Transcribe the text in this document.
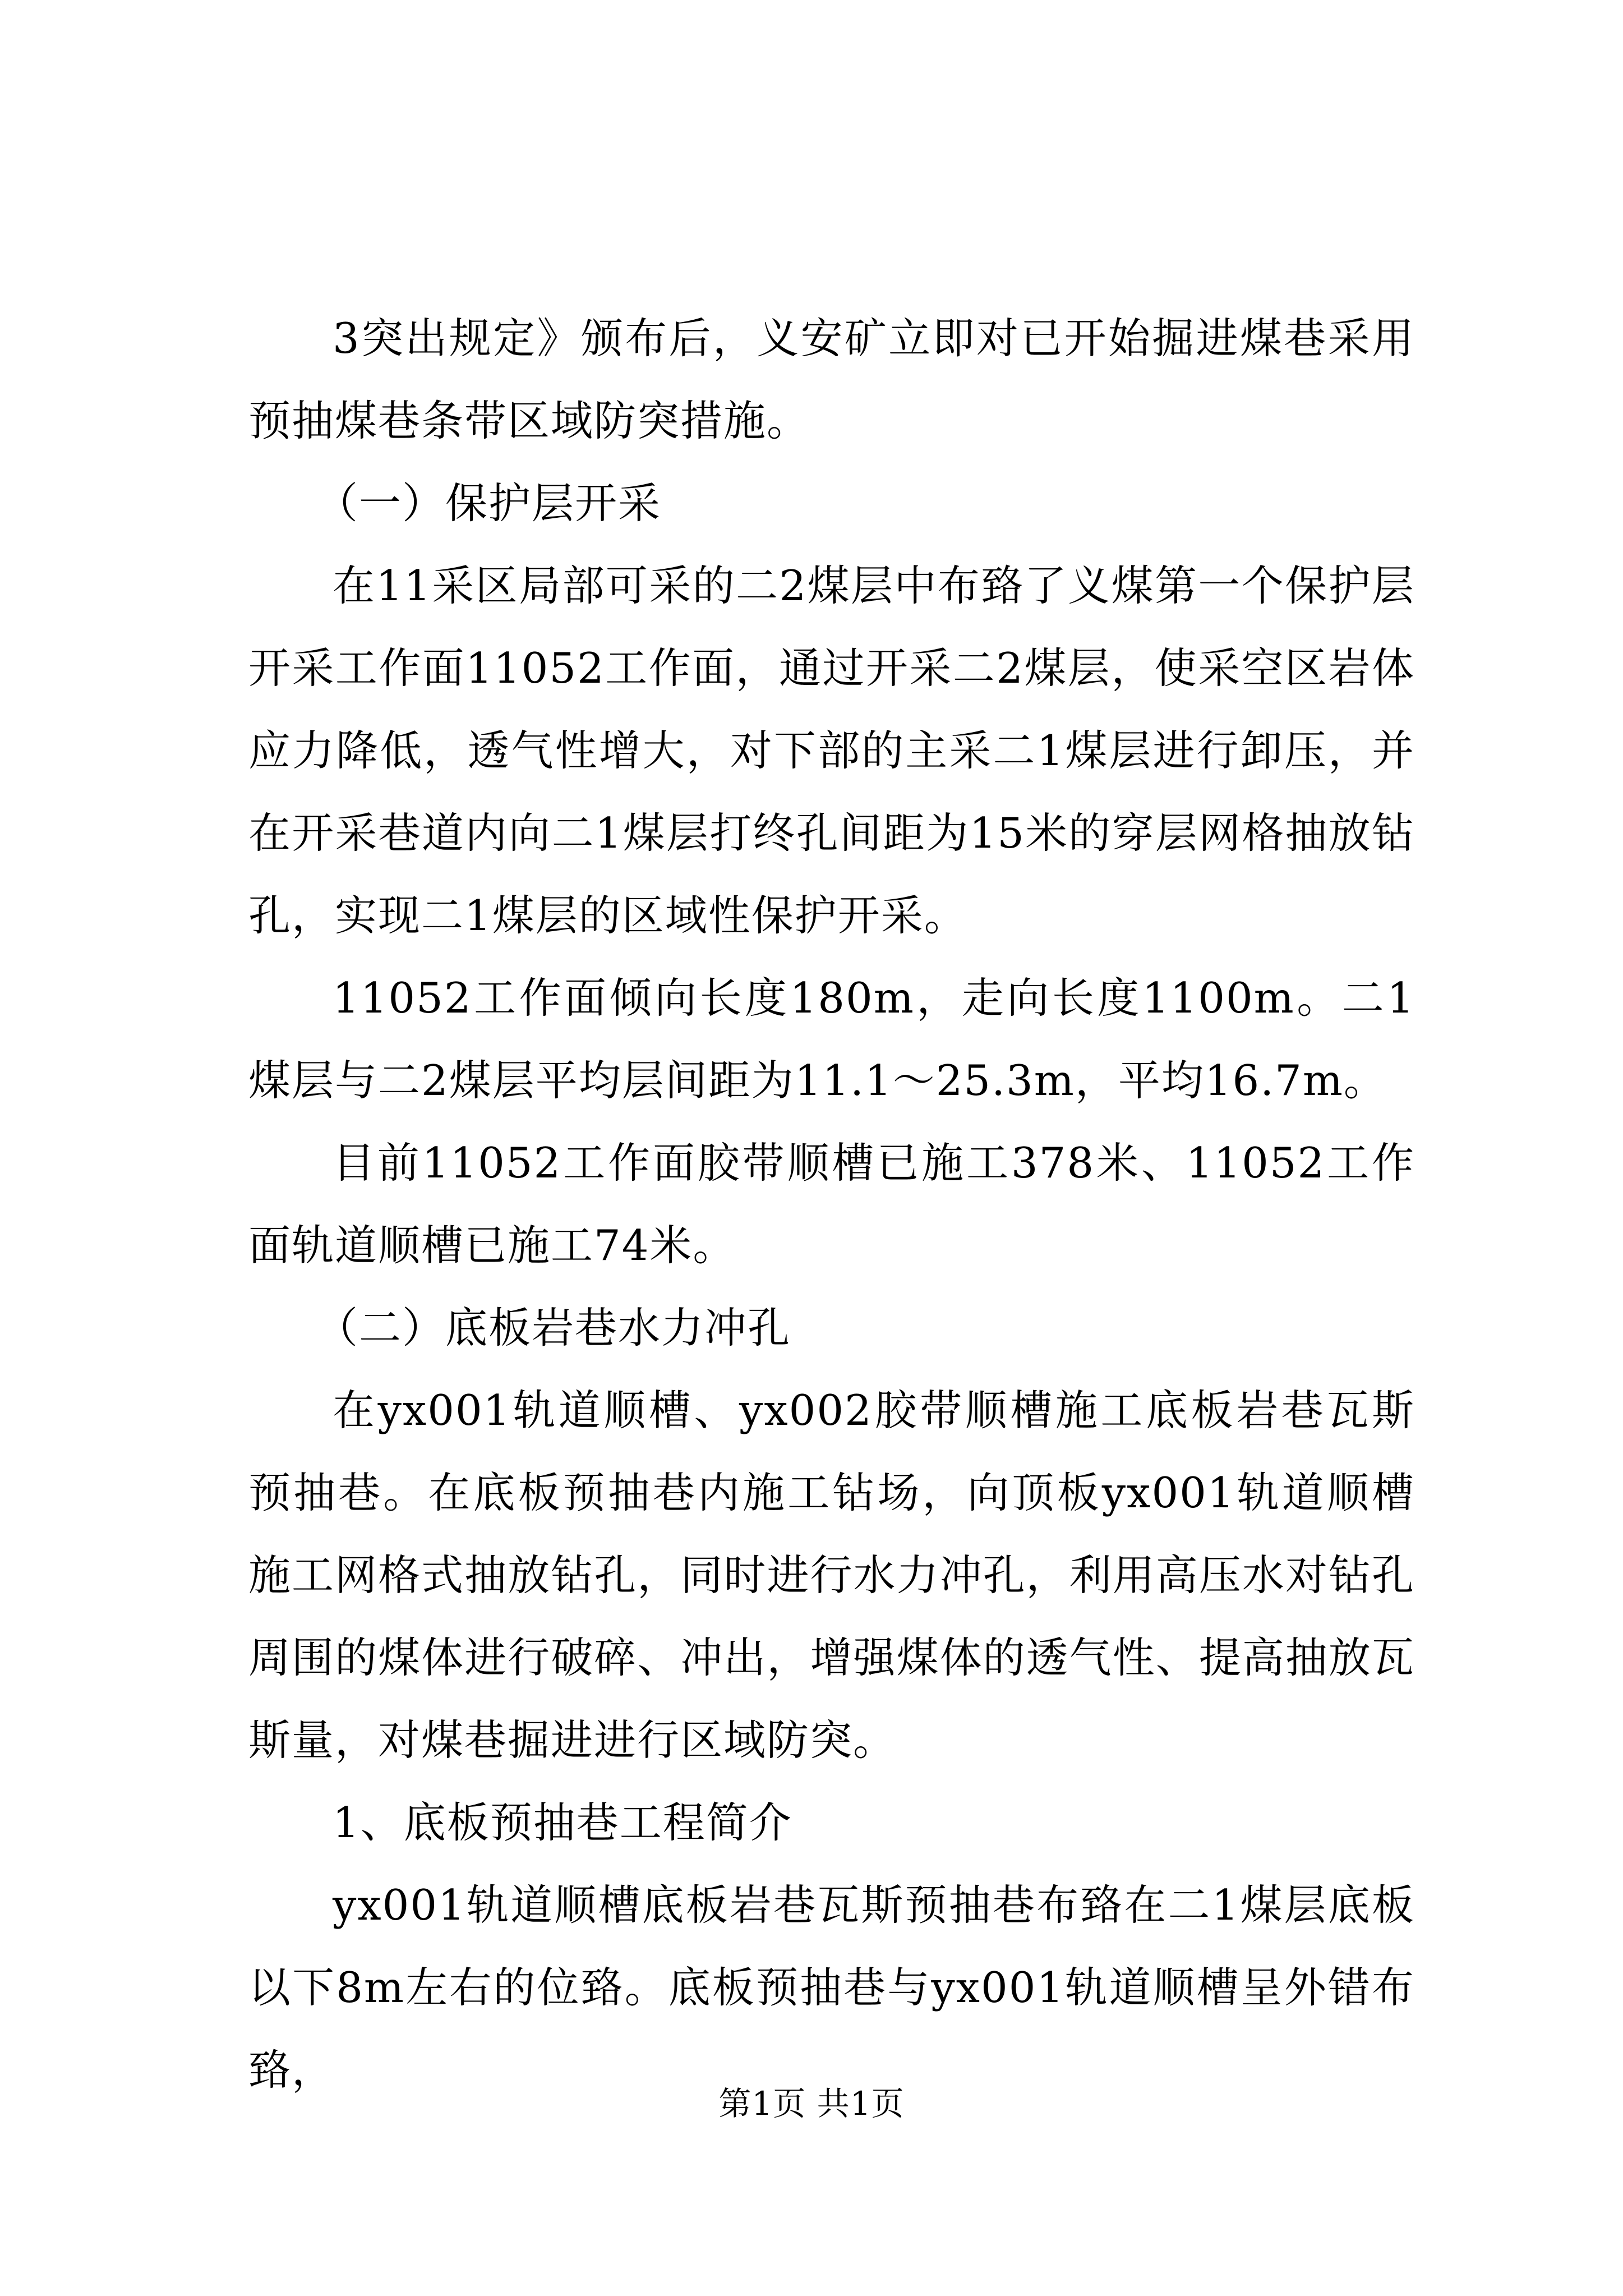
3突出规定》颁布后，义安矿立即对已开始掘进煤巷采用预抽煤巷条带区域防突措施。

（一）保护层开采

在11采区局部可采的二2煤层中布臵了义煤第一个保护层开采工作面11052工作面，通过开采二2煤层，使采空区岩体应力降低，透气性增大，对下部的主采二1煤层进行卸压，并在开采巷道内向二1煤层打终孔间距为15米的穿层网格抽放钻孔，实现二1煤层的区域性保护开采。

11052工作面倾向长度180m，走向长度1100m。二1煤层与二2煤层平均层间距为11.1～25.3m，平均16.7m。

目前11052工作面胶带顺槽已施工378米、11052工作面轨道顺槽已施工74米。

（二）底板岩巷水力冲孔

在yx001轨道顺槽、yx002胶带顺槽施工底板岩巷瓦斯预抽巷。在底板预抽巷内施工钻场，向顶板yx001轨道顺槽施工网格式抽放钻孔，同时进行水力冲孔，利用高压水对钻孔周围的煤体进行破碎、冲出，增强煤体的透气性、提高抽放瓦斯量，对煤巷掘进进行区域防突。

1、底板预抽巷工程简介

yx001轨道顺槽底板岩巷瓦斯预抽巷布臵在二1煤层底板以下8m左右的位臵。底板预抽巷与yx001轨道顺槽呈外错布臵，

第1页 共1页
